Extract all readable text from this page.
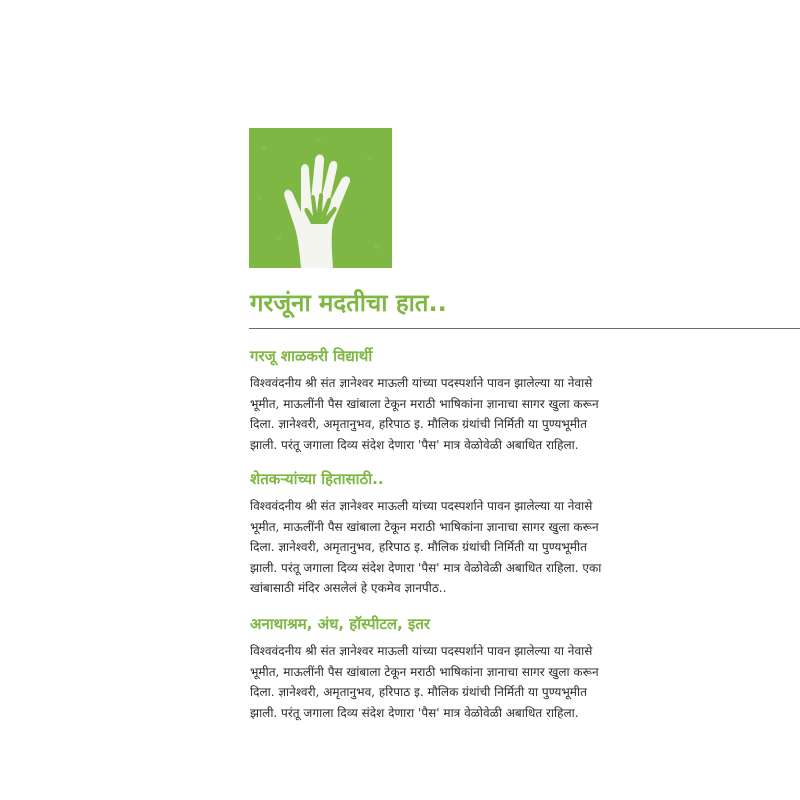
गरजूंना मदतीचा हात..
गरजू शाळकरी विद्यार्थी

विश्ववंदनीय श्री संत ज्ञानेश्वर माऊली यांच्या पदस्पर्शाने पावन झालेल्या या नेवासे
भूमीत, माऊलींनी पैस खांबाला टेकून मराठी भाषिकांना ज्ञानाचा सागर खुला करून
दिला. ज्ञानेश्वरी, अमृतानुभव, हरिपाठ इ. मौलिक ग्रंथांची निर्मिती या पुण्यभूमीत
झाली. परंतू जगाला दिव्य संदेश देणारा 'पैस' मात्र वेळोवेळी अबाधित राहिला.

शेतकऱ्यांच्या हितासाठी..

विश्ववंदनीय श्री संत ज्ञानेश्वर माऊली यांच्या पदस्पर्शाने पावन झालेल्या या नेवासे
भूमीत, माऊलींनी पैस खांबाला टेकून मराठी भाषिकांना ज्ञानाचा सागर खुला करून
दिला. ज्ञानेश्वरी, अमृतानुभव, हरिपाठ इ. मौलिक ग्रंथांची निर्मिती या पुण्यभूमीत
झाली. परंतू जगाला दिव्य संदेश देणारा 'पैस' मात्र वेळोवेळी अबाधित राहिला. एका
खांबासाठी मंदिर असलेलं हे एकमेव ज्ञानपीठ..

अनाथाश्रम, अंध, हॉस्पीटल, इतर

विश्ववंदनीय श्री संत ज्ञानेश्वर माऊली यांच्या पदस्पर्शाने पावन झालेल्या या नेवासे
भूमीत, माऊलींनी पैस खांबाला टेकून मराठी भाषिकांना ज्ञानाचा सागर खुला करून
दिला. ज्ञानेश्वरी, अमृतानुभव, हरिपाठ इ. मौलिक ग्रंथांची निर्मिती या पुण्यभूमीत
झाली. परंतू जगाला दिव्य संदेश देणारा 'पैस' मात्र वेळोवेळी अबाधित राहिला.
